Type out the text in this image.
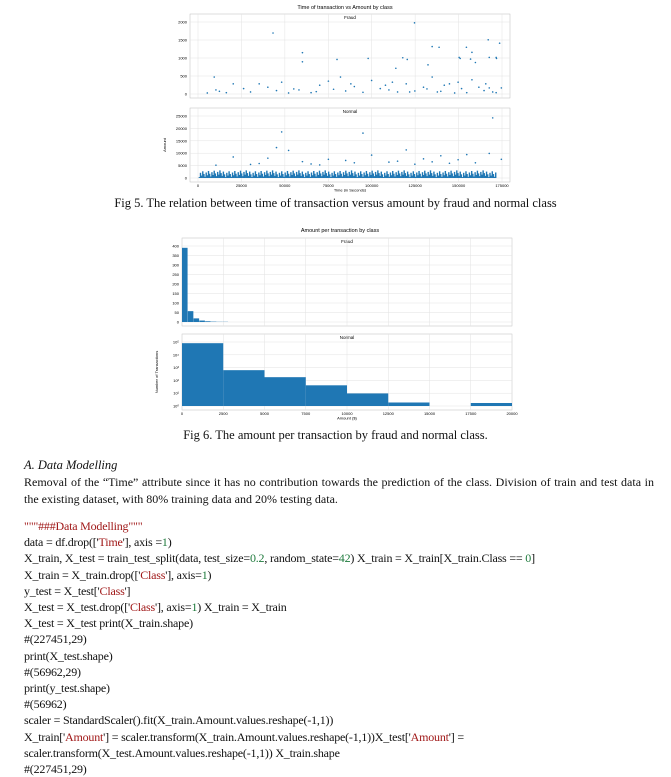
Time of transaction vs Amount by class
Fraud
2000
1500
1000
500
0
Normal
25000
20000
15000
10000
5000
0
0	25000	50000	75000	100000	125000	150000	175000
Time (in Seconds)
Amount
Fig 5. The relation between time of transaction versus amount by fraud and normal class
Amount per transaction by class
Fraud
400
350
300
250
200
150
100
50
0
Normal
10⁵
10⁴
10³
10²
10¹
10⁰
0	2500	5000	7500	10000	12500	15000	17500	20000
Amount ($)
Number of Transactions
Fig 6. The amount per transaction by fraud and normal class.
A. Data Modelling
Removal of the “Time” attribute since it has no contribution towards the prediction of the class. Division of train and test data in the existing dataset, with 80% training data and 20% testing data.
"""###Data Modelling"""
data = df.drop(['Time'], axis =1)
X_train, X_test = train_test_split(data, test_size=0.2, random_state=42) X_train = X_train[X_train.Class == 0]
X_train = X_train.drop(['Class'], axis=1)
y_test = X_test['Class']
X_test = X_test.drop(['Class'], axis=1) X_train = X_train
X_test = X_test print(X_train.shape)
#(227451,29)
print(X_test.shape)
#(56962,29)
print(y_test.shape)
#(56962)
scaler = StandardScaler().fit(X_train.Amount.values.reshape(-1,1))
X_train['Amount'] = scaler.transform(X_train.Amount.values.reshape(-1,1))X_test['Amount'] =
scaler.transform(X_test.Amount.values.reshape(-1,1)) X_train.shape
#(227451,29)
